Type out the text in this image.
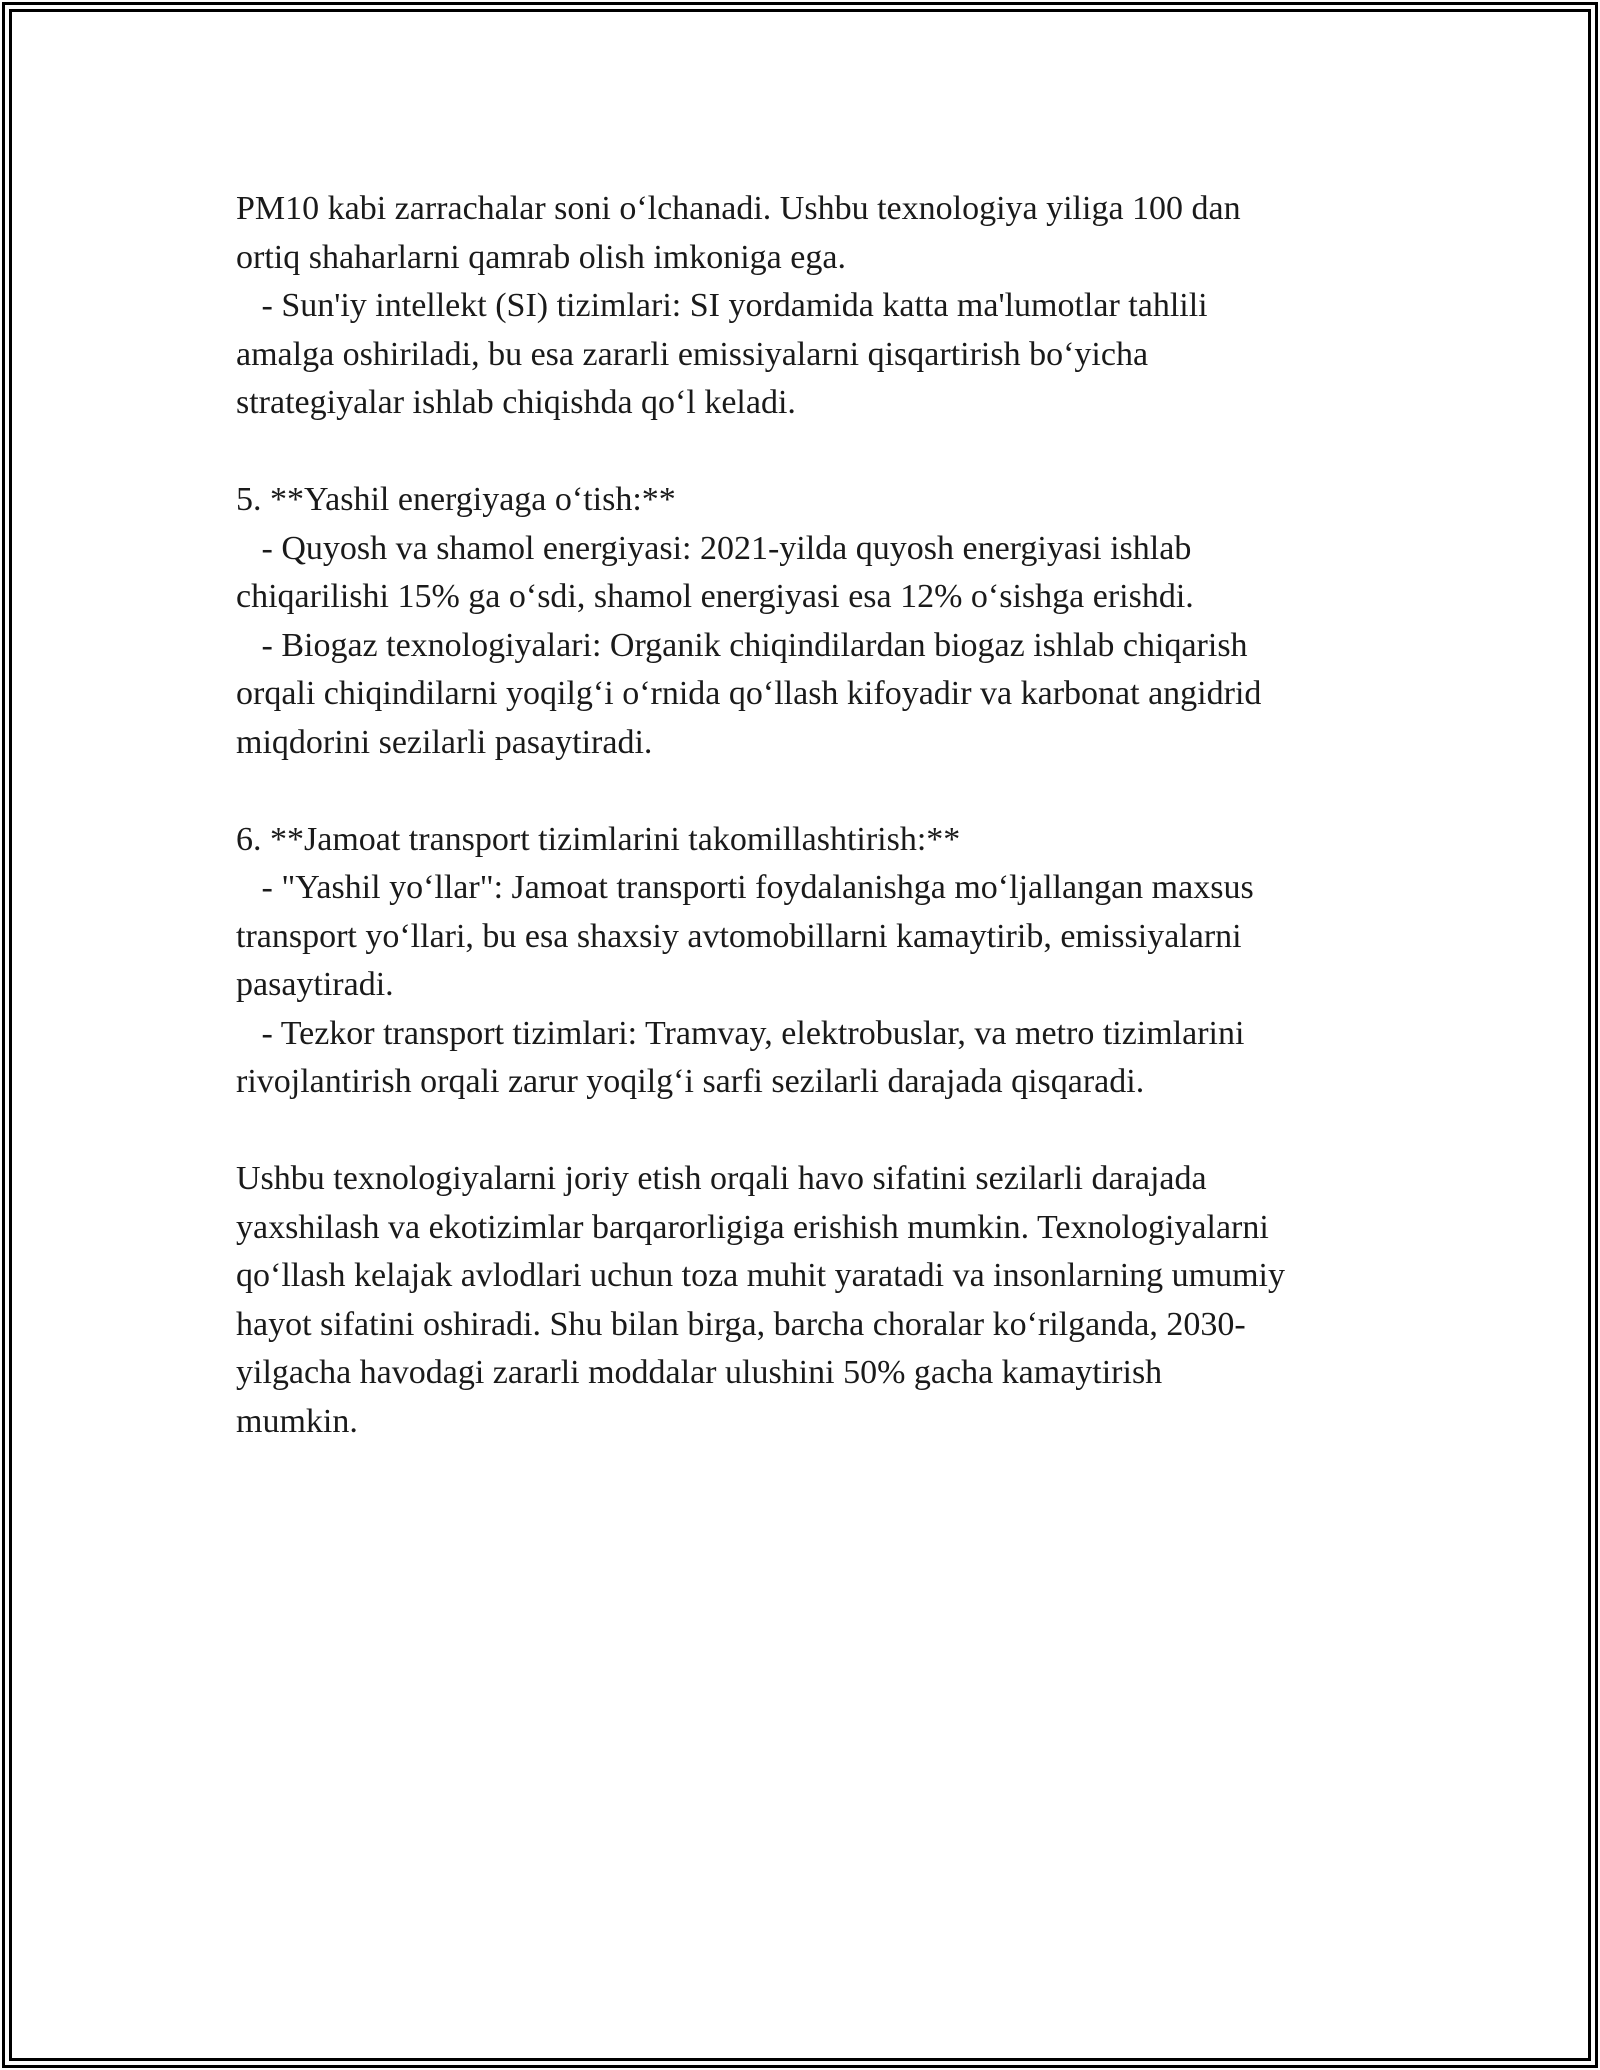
PM10 kabi zarrachalar soni o‘lchanadi. Ushbu texnologiya yiliga 100 dan
ortiq shaharlarni qamrab olish imkoniga ega.
- Sun'iy intellekt (SI) tizimlari: SI yordamida katta ma'lumotlar tahlili
amalga oshiriladi, bu esa zararli emissiyalarni qisqartirish bo‘yicha
strategiyalar ishlab chiqishda qo‘l keladi.
5. **Yashil energiyaga o‘tish:**
- Quyosh va shamol energiyasi: 2021-yilda quyosh energiyasi ishlab
chiqarilishi 15% ga o‘sdi, shamol energiyasi esa 12% o‘sishga erishdi.
- Biogaz texnologiyalari: Organik chiqindilardan biogaz ishlab chiqarish
orqali chiqindilarni yoqilg‘i o‘rnida qo‘llash kifoyadir va karbonat angidrid
miqdorini sezilarli pasaytiradi.
6. **Jamoat transport tizimlarini takomillashtirish:**
- "Yashil yo‘llar": Jamoat transporti foydalanishga mo‘ljallangan maxsus
transport yo‘llari, bu esa shaxsiy avtomobillarni kamaytirib, emissiyalarni
pasaytiradi.
- Tezkor transport tizimlari: Tramvay, elektrobuslar, va metro tizimlarini
rivojlantirish orqali zarur yoqilg‘i sarfi sezilarli darajada qisqaradi.
Ushbu texnologiyalarni joriy etish orqali havo sifatini sezilarli darajada
yaxshilash va ekotizimlar barqarorligiga erishish mumkin. Texnologiyalarni
qo‘llash kelajak avlodlari uchun toza muhit yaratadi va insonlarning umumiy
hayot sifatini oshiradi. Shu bilan birga, barcha choralar ko‘rilganda, 2030-
yilgacha havodagi zararli moddalar ulushini 50% gacha kamaytirish
mumkin.
